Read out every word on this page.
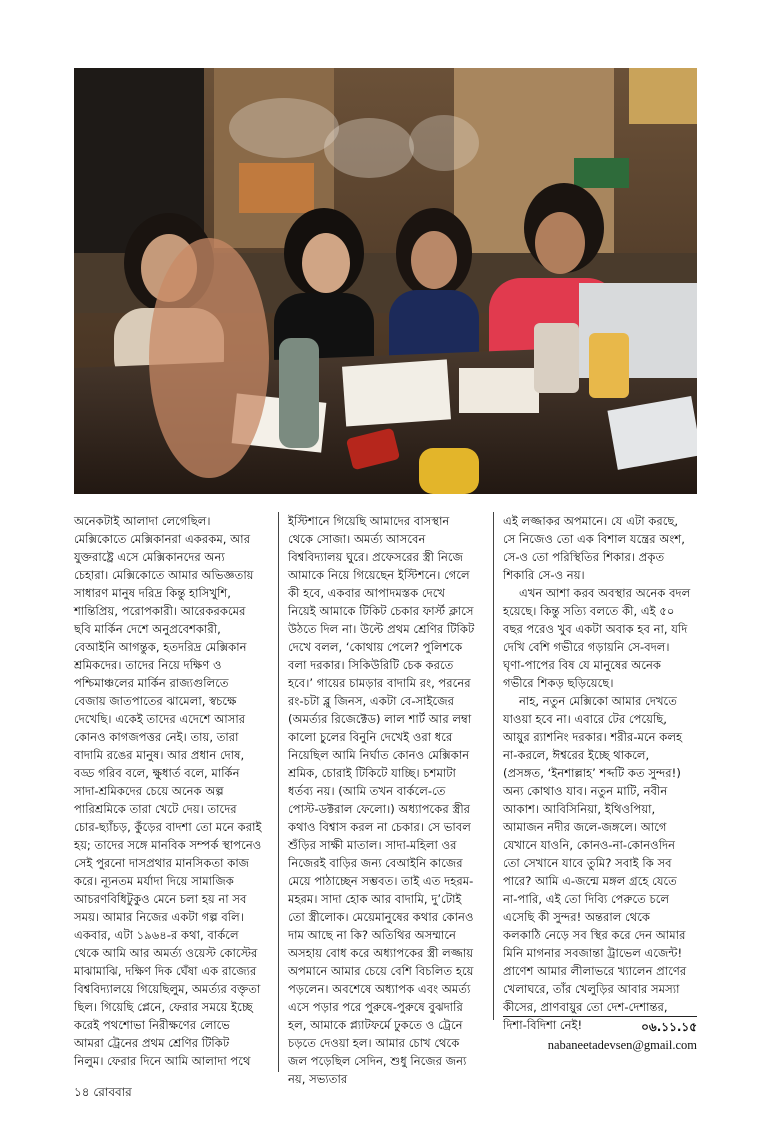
অনেকটাই আলাদা লেগেছিল। মেক্সিকোতে মেক্সিকানরা একরকম, আর যুক্তরাষ্ট্রে এসে মেক্সিকানদের অন্য চেহারা। মেক্সিকোতে আমার অভিজ্ঞতায় সাধারণ মানুষ দরিদ্র কিন্তু হাসিখুশি, শান্তিপ্রিয়, পরোপকারী। আরেকরকমের ছবি মার্কিন দেশে অনুপ্রবেশকারী, বেআইনি আগন্তুক, হতদরিদ্র মেক্সিকান শ্রমিকদের। তাদের নিয়ে দক্ষিণ ও পশ্চিমাঞ্চলের মার্কিন রাজ্যগুলিতে বেজায় জাতপাতের ঝামেলা, স্বচক্ষে দেখেছি। একেই তাদের এদেশে আসার কোনও কাগজপত্তর নেই। তায়, তারা বাদামি রঙের মানুষ। আর প্রধান দোষ, বড্ড গরিব বলে, ক্ষুধার্ত বলে, মার্কিন সাদা-শ্রমিকদের চেয়ে অনেক অল্প পারিশ্রমিকে তারা খেটে দেয়। তাদের চোর-ছ্যাঁচড়, কুঁড়ের বাদশা তো মনে করাই হয়; তাদের সঙ্গে মানবিক সম্পর্ক স্থাপনেও সেই পুরনো দাসপ্রথার মানসিকতা কাজ করে। ন্যূনতম মর্যাদা দিয়ে সামাজিক আচরণবিধিটুকুও মেনে চলা হয় না সব সময়। আমার নিজের একটা গল্প বলি। একবার, এটা ১৯৬৪-র কথা, বার্কলে থেকে আমি আর অমর্ত্য ওয়েস্ট কোস্টের মাঝামাঝি, দক্ষিণ দিক ঘেঁষা এক রাজ্যের বিশ্ববিদ্যালয়ে গিয়েছিলুম, অমর্ত্যর বক্তৃতা ছিল। গিয়েছি প্লেনে, ফেরার সময়ে ইচ্ছে করেই পথশোভা নিরীক্ষণের লোভে আমরা ট্রেনের প্রথম শ্রেণির টিকিট নিলুম। ফেরার দিনে আমি আলাদা পথে

ইস্টিশানে গিয়েছি আমাদের বাসস্থান থেকে সোজা। অমর্ত্য আসবেন বিশ্ববিদ্যালয় ঘুরে। প্রফেসরের স্ত্রী নিজে আমাকে নিয়ে গিয়েছেন ইস্টিশনে। গেলে কী হবে, একবার আপাদমস্তক দেখে নিয়েই আমাকে টিকিট চেকার ফার্স্ট ক্লাসে উঠতে দিল না। উল্টে প্রথম শ্রেণির টিকিট দেখে বলল, ‘কোথায় পেলে? পুলিশকে বলা দরকার। সিকিউরিটি চেক করতে হবে।’ গায়ের চামড়ার বাদামি রং, পরনের রং-চটা ব্লু জিনস, একটা বে-সাইজের (অমর্ত্যর রিজেক্টেড) লাল শার্ট আর লম্বা কালো চুলের বিনুনি দেখেই ওরা ধরে নিয়েছিল আমি নির্ঘাত কোনও মেক্সিকান শ্রমিক, চোরাই টিকিটে যাচ্ছি। চশমাটা ধর্তব্য নয়। (আমি তখন বার্কলে-তে পোস্ট-ডক্টরাল ফেলো।) অধ্যাপকের স্ত্রীর কথাও বিশ্বাস করল না চেকার। সে ভাবল শুঁড়ির সাক্ষী মাতাল। সাদা-মহিলা ওর নিজেরই বাড়ির জন্য বেআইনি কাজের মেয়ে পাঠাচ্ছেন সম্ভবত। তাই এত দহরম-মহরম। সাদা হোক আর বাদামি, দু’টোই তো স্ত্রীলোক। মেয়েমানুষের কথার কোনও দাম আছে না কি? অতিথির অসম্মানে অসহায় বোধ করে অধ্যাপকের স্ত্রী লজ্জায় অপমানে আমার চেয়ে বেশি বিচলিত হয়ে পড়লেন। অবশেষে অধ্যাপক এবং অমর্ত্য এসে পড়ার পরে পুরুষে-পুরুষে বুঝদারি হল, আমাকে প্ল্যাটফর্মে ঢুকতে ও ট্রেনে চড়তে দেওয়া হল। আমার চোখ থেকে জল পড়েছিল সেদিন, শুধু নিজের জন্য নয়, সভ্যতার

এই লজ্জাকর অপমানে। যে এটা করছে, সে নিজেও তো এক বিশাল যন্ত্রের অংশ, সে-ও তো পরিস্থিতির শিকার। প্রকৃত শিকারি সে-ও নয়।

এখন আশা করব অবস্থার অনেক বদল হয়েছে। কিন্তু সত্যি বলতে কী, এই ৫০ বছর পরেও খুব একটা অবাক হব না, যদি দেখি বেশি গভীরে গড়ায়নি সে-বদল। ঘৃণা-পাপের বিষ যে মানুষের অনেক গভীরে শিকড় ছড়িয়েছে।

নাহ, নতুন মেক্সিকো আমার দেখতে যাওয়া হবে না। এবারে টের পেয়েছি, আয়ুর র‌্যাশনিং দরকার। শরীর-মনে কলহ না-করলে, ঈশ্বরের ইচ্ছে থাকলে, (প্রসঙ্গত, ‘ইনশাল্লাহ’ শব্দটি কত সুন্দর!) অন্য কোথাও যাব। নতুন মাটি, নবীন আকাশ। আবিসিনিয়া, ইথিওপিয়া, আমাজন নদীর জলে-জঙ্গলে। আগে যেখানে যাওনি, কোনও-না-কোনওদিন তো সেখানে যাবে তুমি? সবাই কি সব পারে? আমি এ-জন্মে মঙ্গল গ্রহে যেতে না-পারি, এই তো দিব্যি পেরুতে চলে এসেছি কী সুন্দর! অন্তরাল থেকে কলকাঠি নেড়ে সব স্থির করে দেন আমার মিনি মাগনার সবজান্তা ট্রাভেল এজেন্ট! প্রাণেশ আমার লীলাভরে খ্যালেন প্রাণের খেলাঘরে, তাঁর খেলুড়ির আবার সমস্যা কীসের, প্রাণবায়ুর তো দেশ-দেশান্তর, দিশা-বিদিশা নেই!	০৬.১১.১৫
nabaneetadevsen@gmail.com
১৪ রোববার
